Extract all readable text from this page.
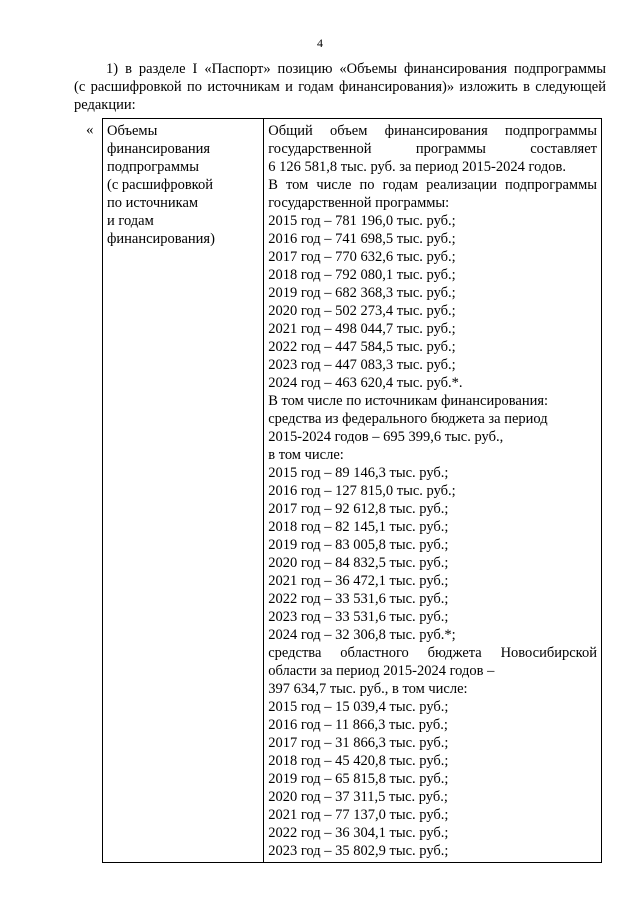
4
1) в разделе I «Паспорт» позицию «Объемы финансирования подпрограммы
(с расшифровкой по источникам и годам финансирования)» изложить в следующей
редакции:
« Объемы
финансирования
подпрограммы
(с расшифровкой
по источникам
и годам
финансирования)

Общий объем финансирования подпрограммы
государственной программы составляет
6 126 581,8 тыс. руб. за период 2015-2024 годов.
В том числе по годам реализации подпрограммы
государственной программы:
2015 год – 781 196,0 тыс. руб.;
2016 год – 741 698,5 тыс. руб.;
2017 год – 770 632,6 тыс. руб.;
2018 год – 792 080,1 тыс. руб.;
2019 год – 682 368,3 тыс. руб.;
2020 год – 502 273,4 тыс. руб.;
2021 год – 498 044,7 тыс. руб.;
2022 год – 447 584,5 тыс. руб.;
2023 год – 447 083,3 тыс. руб.;
2024 год – 463 620,4 тыс. руб.*.
В том числе по источникам финансирования:
средства из федерального бюджета за период
2015-2024 годов – 695 399,6 тыс. руб.,
в том числе:
2015 год – 89 146,3 тыс. руб.;
2016 год – 127 815,0 тыс. руб.;
2017 год – 92 612,8 тыс. руб.;
2018 год – 82 145,1 тыс. руб.;
2019 год – 83 005,8 тыс. руб.;
2020 год – 84 832,5 тыс. руб.;
2021 год – 36 472,1 тыс. руб.;
2022 год – 33 531,6 тыс. руб.;
2023 год – 33 531,6 тыс. руб.;
2024 год – 32 306,8 тыс. руб.*;
средства областного бюджета Новосибирской
области за период 2015-2024 годов –
397 634,7 тыс. руб., в том числе:
2015 год – 15 039,4 тыс. руб.;
2016 год – 11 866,3 тыс. руб.;
2017 год – 31 866,3 тыс. руб.;
2018 год – 45 420,8 тыс. руб.;
2019 год – 65 815,8 тыс. руб.;
2020 год – 37 311,5 тыс. руб.;
2021 год – 77 137,0 тыс. руб.;
2022 год – 36 304,1 тыс. руб.;
2023 год – 35 802,9 тыс. руб.;
